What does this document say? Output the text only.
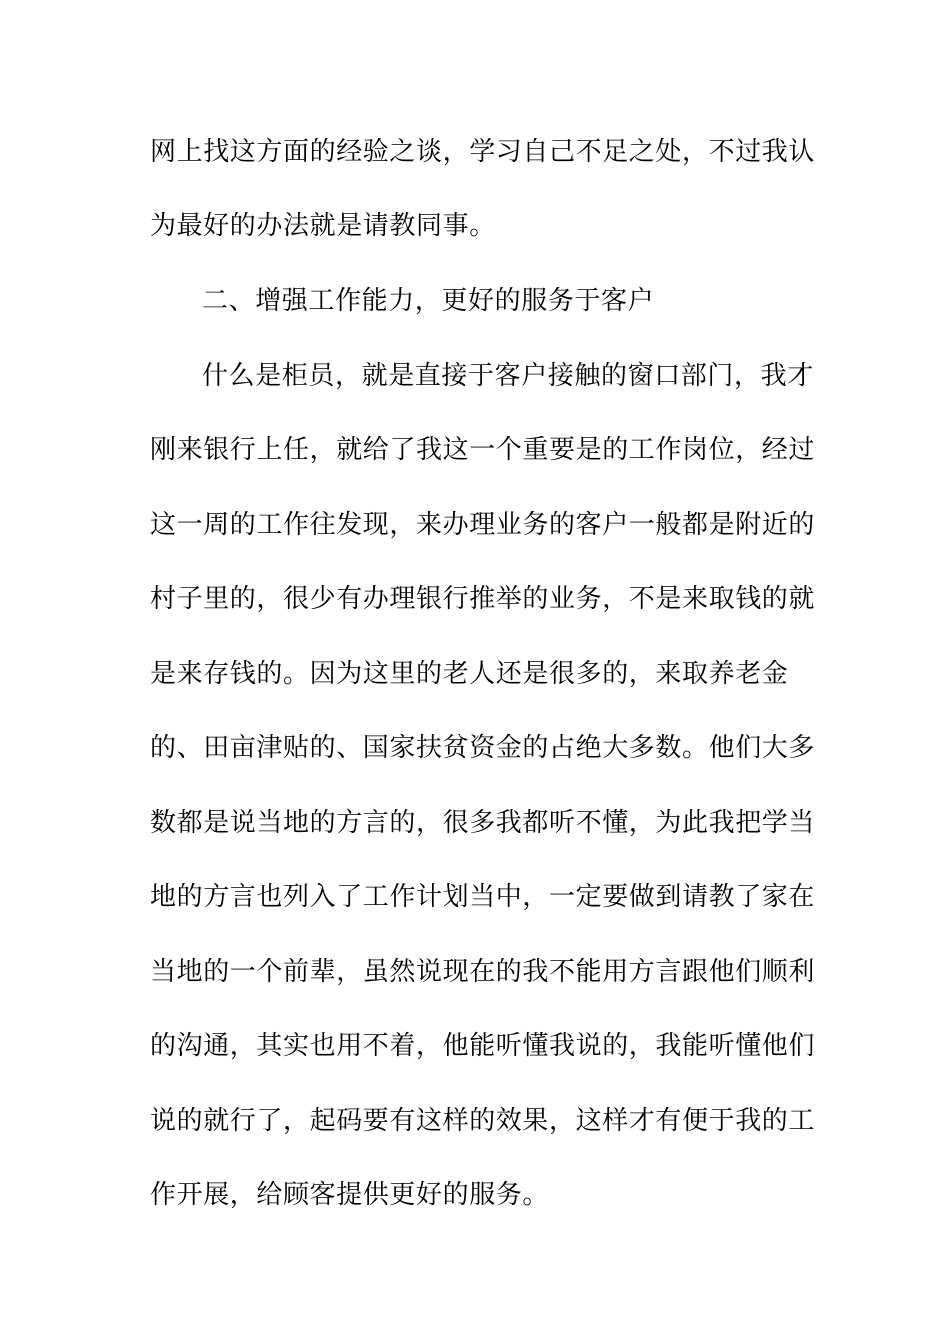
网上找这方面的经验之谈，学习自己不足之处，不过我认
为最好的办法就是请教同事。
二、增强工作能力，更好的服务于客户
什么是柜员，就是直接于客户接触的窗口部门，我才
刚来银行上任，就给了我这一个重要是的工作岗位，经过
这一周的工作往发现，来办理业务的客户一般都是附近的
村子里的，很少有办理银行推举的业务，不是来取钱的就
是来存钱的。因为这里的老人还是很多的，来取养老金
的、田亩津贴的、国家扶贫资金的占绝大多数。他们大多
数都是说当地的方言的，很多我都听不懂，为此我把学当
地的方言也列入了工作计划当中，一定要做到请教了家在
当地的一个前辈，虽然说现在的我不能用方言跟他们顺利
的沟通，其实也用不着，他能听懂我说的，我能听懂他们
说的就行了，起码要有这样的效果，这样才有便于我的工
作开展，给顾客提供更好的服务。
